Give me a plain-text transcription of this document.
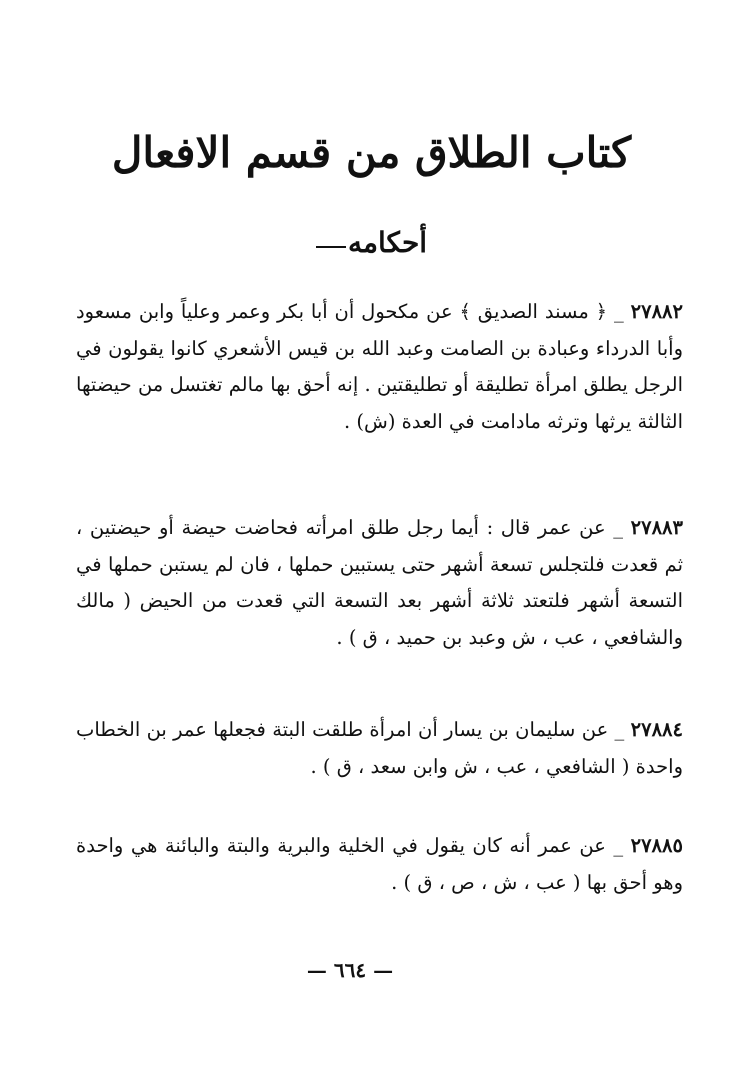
كتاب الطلاق من قسم الافعال
أحكامه

٢٧٨٨٢ _ ﴿ مسند الصديق ﴾ عن مكحول أن أبا بكر وعمر وعلياً وابن مسعود وأبا الدرداء وعبادة بن الصامت وعبد الله بن قيس الأشعري كانوا يقولون في الرجل يطلق امرأة تطليقة أو تطليقتين . إنه أحق بها مالم تغتسل من حيضتها الثالثة يرثها وترثه مادامت في العدة (ش) .

٢٧٨٨٣ _ عن عمر قال : أيما رجل طلق امرأته فحاضت حيضة أو حيضتين ، ثم قعدت فلتجلس تسعة أشهر حتى يستبين حملها ، فان لم يستبن حملها في التسعة أشهر فلتعتد ثلاثة أشهر بعد التسعة التي قعدت من الحيض ( مالك والشافعي ، عب ، ش وعبد بن حميد ، ق ) .

٢٧٨٨٤ _ عن سليمان بن يسار أن امرأة طلقت البتة فجعلها عمر بن الخطاب واحدة ( الشافعي ، عب ، ش وابن سعد ، ق ) .

٢٧٨٨٥ _ عن عمر أنه كان يقول في الخلية والبرية والبتة والبائنة هي واحدة وهو أحق بها ( عب ، ش ، ص ، ق ) .

— ٦٦٤ —
